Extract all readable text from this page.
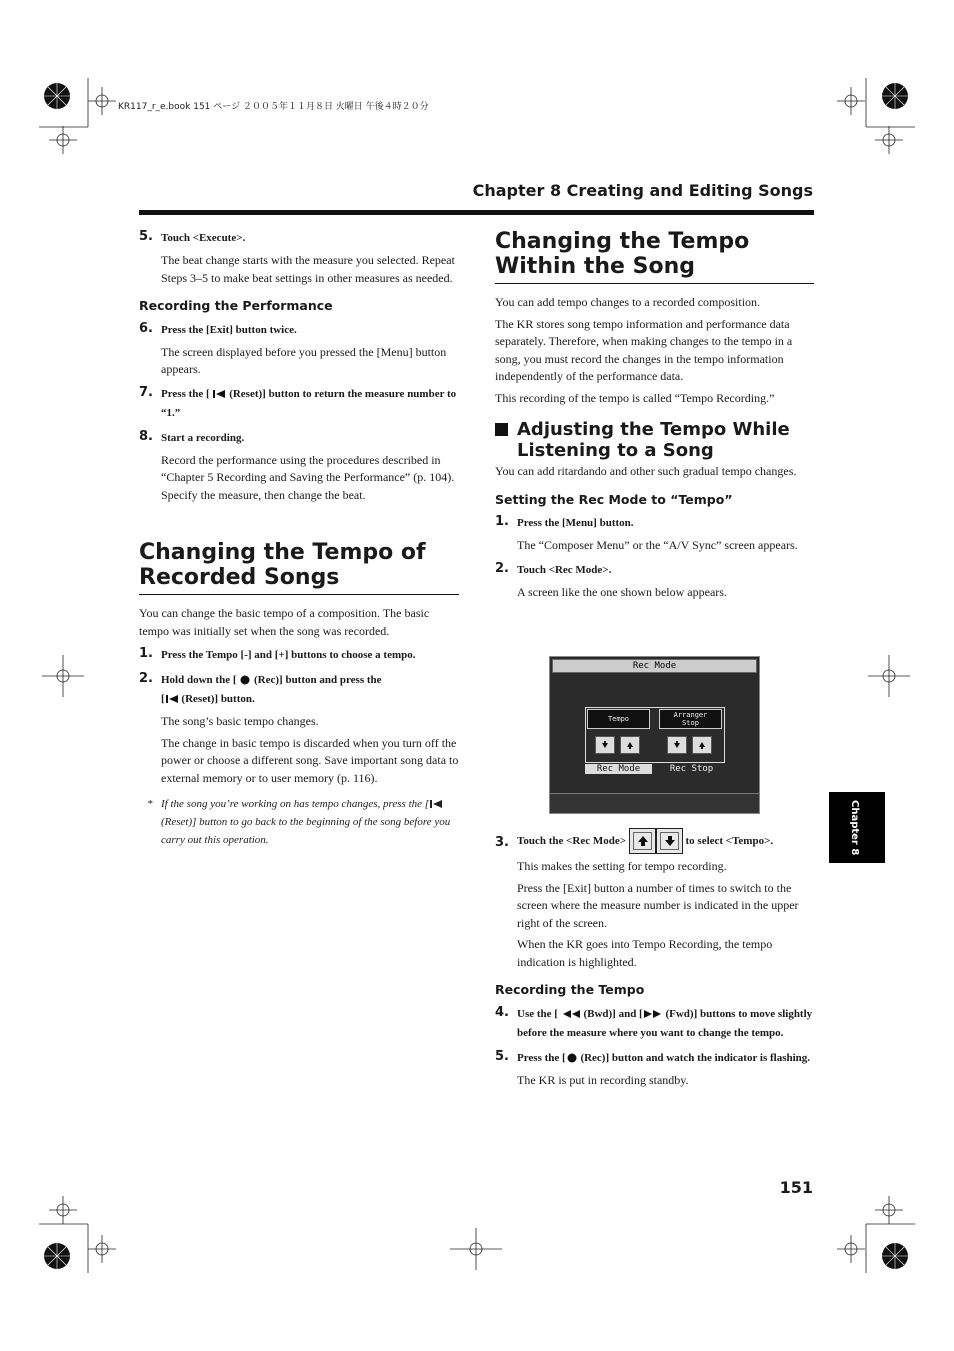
KR117_r_e.book 151 ページ ２００５年１１月８日 火曜日 午後４時２０分
Chapter 8 Creating and Editing Songs
5. Touch <Execute>.
The beat change starts with the measure you selected. Repeat Steps 3–5 to make beat settings in other measures as needed.
Recording the Performance
6. Press the [Exit] button twice.
The screen displayed before you pressed the [Menu] button appears.
7. Press the [  (Reset)] button to return the measure number to “1.”
8. Start a recording.
Record the performance using the procedures described in “Chapter 5 Recording and Saving the Performance” (p. 104). Specify the measure, then change the beat.
Changing the Tempo of Recorded Songs
You can change the basic tempo of a composition. The basic tempo was initially set when the song was recorded.
1. Press the Tempo [-] and [+] buttons to choose a tempo.
2. Hold down the [  (Rec)] button and press the
[ (Reset)] button.
The song’s basic tempo changes.
The change in basic tempo is discarded when you turn off the power or choose a different song. Save important song data to external memory or to user memory (p. 116).
* If the song you’re working on has tempo changes, press the [ (Reset)] button to go back to the beginning of the song before you carry out this operation.
Changing the Tempo Within the Song
You can add tempo changes to a recorded composition.
The KR stores song tempo information and performance data separately. Therefore, when making changes to the tempo in a song, you must record the changes in the tempo information independently of the performance data.
This recording of the tempo is called “Tempo Recording.”
Adjusting the Tempo While Listening to a Song
You can add ritardando and other such gradual tempo changes.
Setting the Rec Mode to “Tempo”
1. Press the [Menu] button.
The “Composer Menu” or the “A/V Sync” screen appears.
2. Touch <Rec Mode>.
A screen like the one shown below appears.
Rec Mode
Tempo	Arranger
Stop
Rec Mode	Rec Stop
3. Touch the <Rec Mode>	to select <Tempo>.
This makes the setting for tempo recording.
Press the [Exit] button a number of times to switch to the screen where the measure number is indicated in the upper right of the screen.
When the KR goes into Tempo Recording, the tempo indication is highlighted.
Recording the Tempo
4. Use the [  (Bwd)] and [ (Fwd)] buttons to move slightly before the measure where you want to change the tempo.
5. Press the [ (Rec)] button and watch the indicator is flashing.
The KR is put in recording standby.
Chapter 8
151
